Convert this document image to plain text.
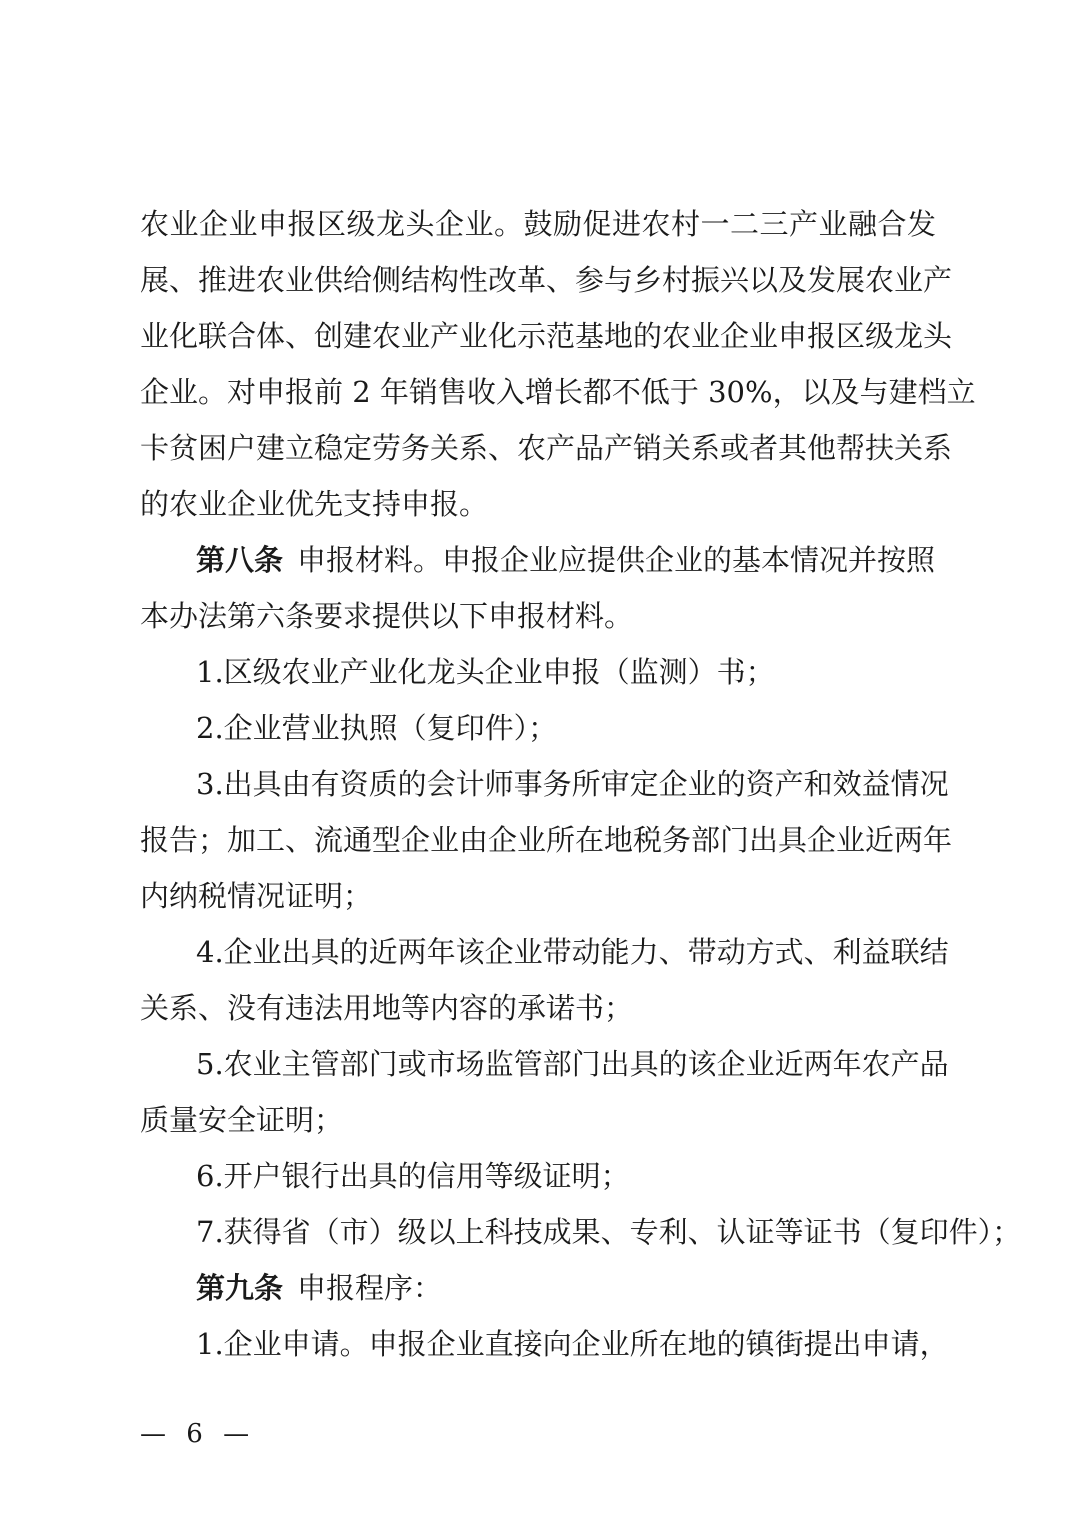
农业企业申报区级龙头企业。鼓励促进农村一二三产业融合发
展、推进农业供给侧结构性改革、参与乡村振兴以及发展农业产
业化联合体、创建农业产业化示范基地的农业企业申报区级龙头
企业。对申报前 2 年销售收入增长都不低于 30%，以及与建档立
卡贫困户建立稳定劳务关系、农产品产销关系或者其他帮扶关系
的农业企业优先支持申报。
第八条 申报材料。申报企业应提供企业的基本情况并按照
本办法第六条要求提供以下申报材料。
1.区级农业产业化龙头企业申报（监测）书；
2.企业营业执照（复印件）；
3.出具由有资质的会计师事务所审定企业的资产和效益情况
报告；加工、流通型企业由企业所在地税务部门出具企业近两年
内纳税情况证明；
4.企业出具的近两年该企业带动能力、带动方式、利益联结
关系、没有违法用地等内容的承诺书；
5.农业主管部门或市场监管部门出具的该企业近两年农产品
质量安全证明；
6.开户银行出具的信用等级证明；
7.获得省（市）级以上科技成果、专利、认证等证书（复印件）；
第九条 申报程序：
1.企业申请。申报企业直接向企业所在地的镇街提出申请，
— 6 —
